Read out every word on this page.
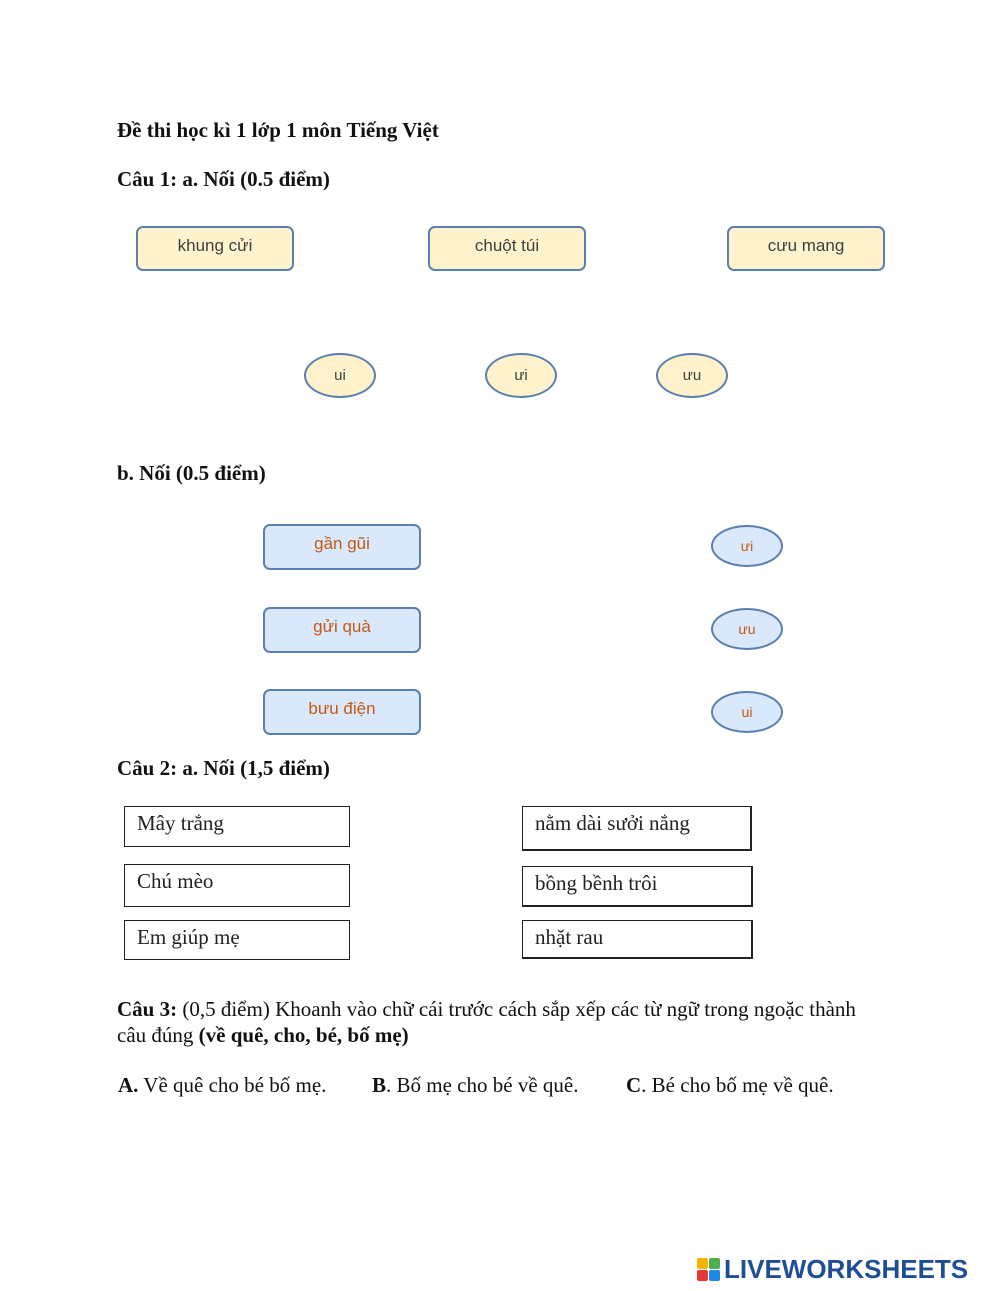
Đề thi học kì 1 lớp 1 môn Tiếng Việt
Câu 1: a. Nối (0.5 điểm)
khung cửi	chuột túi	cưu mang
ui	ưi	ưu
b. Nối (0.5 điểm)
gần gũi
gửi quà
bưu điện
ưi
ưu
ui
Câu 2: a. Nối (1,5 điểm)
Mây trắng
Chú mèo
Em giúp mẹ
nằm dài sưởi nắng
bồng bềnh trôi
nhặt rau
Câu 3: (0,5 điểm) Khoanh vào chữ cái trước cách sắp xếp các từ ngữ trong ngoặc thành câu đúng (về quê, cho, bé, bố mẹ)
A. Về quê cho bé bố mẹ. B. Bố mẹ cho bé về quê. C. Bé cho bố mẹ về quê.
LIVEWORKSHEETS
